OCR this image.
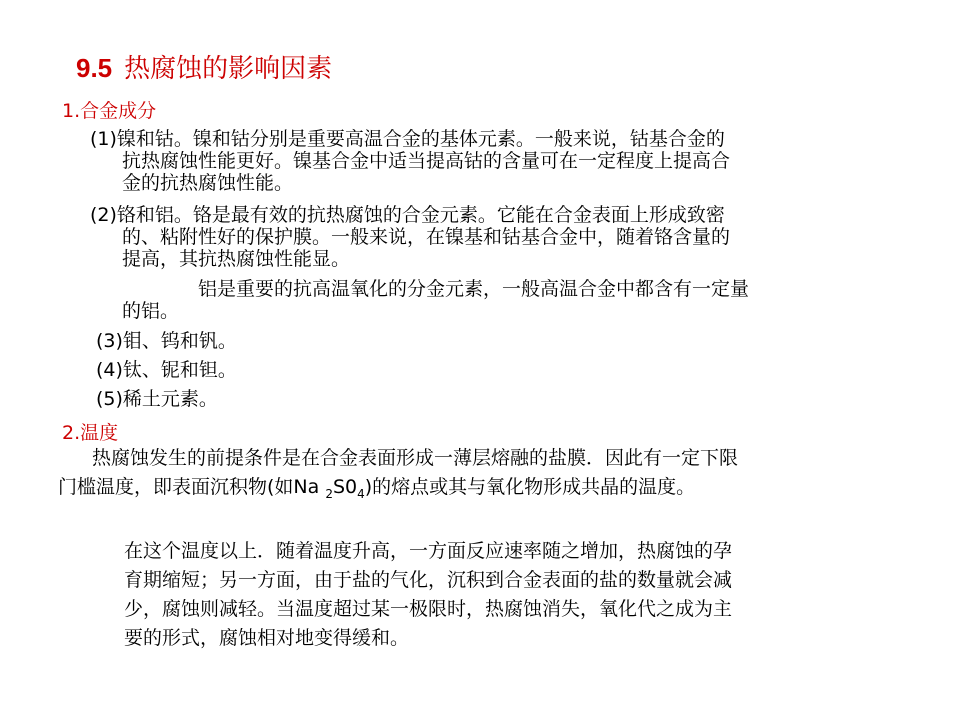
9.5 热腐蚀的影响因素
1.合金成分
(1)镍和钴。镍和钴分别是重要高温合金的基体元素。一般来说，钴基合金的
抗热腐蚀性能更好。镍基合金中适当提高钴的含量可在一定程度上提高合
金的抗热腐蚀性能。
(2)铬和铝。铬是最有效的抗热腐蚀的合金元素。它能在合金表面上形成致密
的、粘附性好的保护膜。一般来说，在镍基和钴基合金中，随着铬含量的
提高，其抗热腐蚀性能显。
铝是重要的抗高温氧化的分金元素，一般高温合金中都含有一定量
的铝。
(3)钼、钨和钒。
(4)钛、铌和钽。
(5)稀土元素。
2.温度
热腐蚀发生的前提条件是在合金表面形成一薄层熔融的盐膜．因此有一定下限
门槛温度，即表面沉积物(如Na $_2S0_4$)的熔点或其与氧化物形成共晶的温度。
在这个温度以上．随着温度升高，一方面反应速率随之增加，热腐蚀的孕
育期缩短；另一方面，由于盐的气化，沉积到合金表面的盐的数量就会减
少，腐蚀则减轻。当温度超过某一极限时，热腐蚀消失，氧化代之成为主
要的形式，腐蚀相对地变得缓和。
